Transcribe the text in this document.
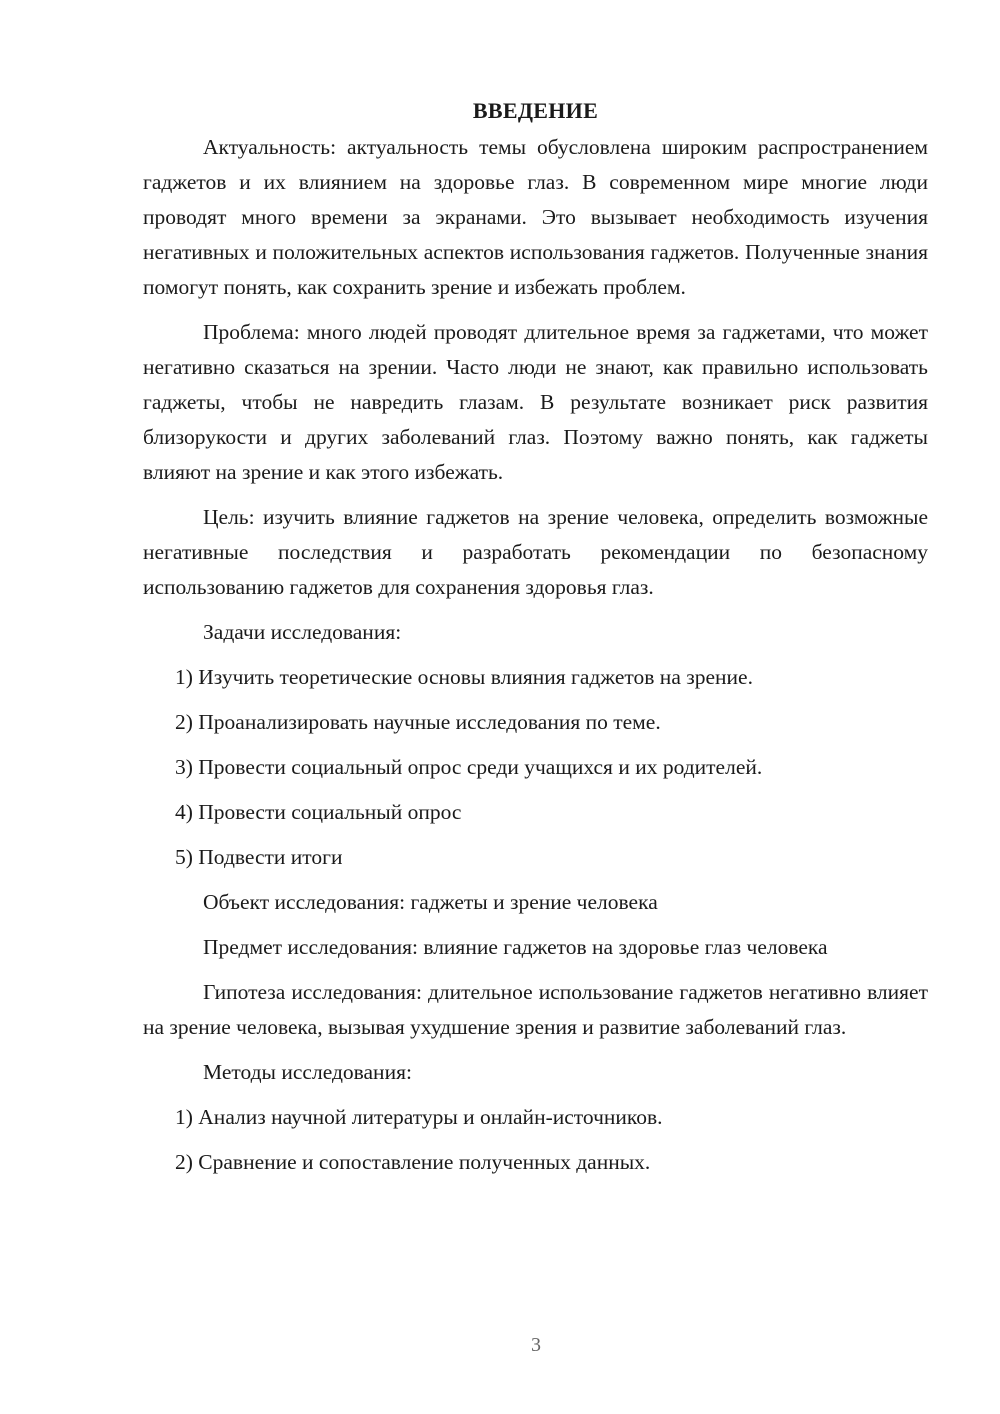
ВВЕДЕНИЕ

Актуальность: актуальность темы обусловлена широким распространением гаджетов и их влиянием на здоровье глаз. В современном мире многие люди проводят много времени за экранами. Это вызывает необходимость изучения негативных и положительных аспектов использования гаджетов. Полученные знания помогут понять, как сохранить зрение и избежать проблем.

Проблема: много людей проводят длительное время за гаджетами, что может негативно сказаться на зрении. Часто люди не знают, как правильно использовать гаджеты, чтобы не навредить глазам. В результате возникает риск развития близорукости и других заболеваний глаз. Поэтому важно понять, как гаджеты влияют на зрение и как этого избежать.

Цель: изучить влияние гаджетов на зрение человека, определить возможные негативные последствия и разработать рекомендации по безопасному использованию гаджетов для сохранения здоровья глаз.

Задачи исследования:

1) Изучить теоретические основы влияния гаджетов на зрение.

2) Проанализировать научные исследования по теме.

3) Провести социальный опрос среди учащихся и их родителей.

4) Провести социальный опрос

5) Подвести итоги

Объект исследования: гаджеты и зрение человека

Предмет исследования: влияние гаджетов на здоровье глаз человека

Гипотеза исследования: длительное использование гаджетов негативно влияет на зрение человека, вызывая ухудшение зрения и развитие заболеваний глаз.

Методы исследования:

1) Анализ научной литературы и онлайн-источников.

2) Сравнение и сопоставление полученных данных.

3
